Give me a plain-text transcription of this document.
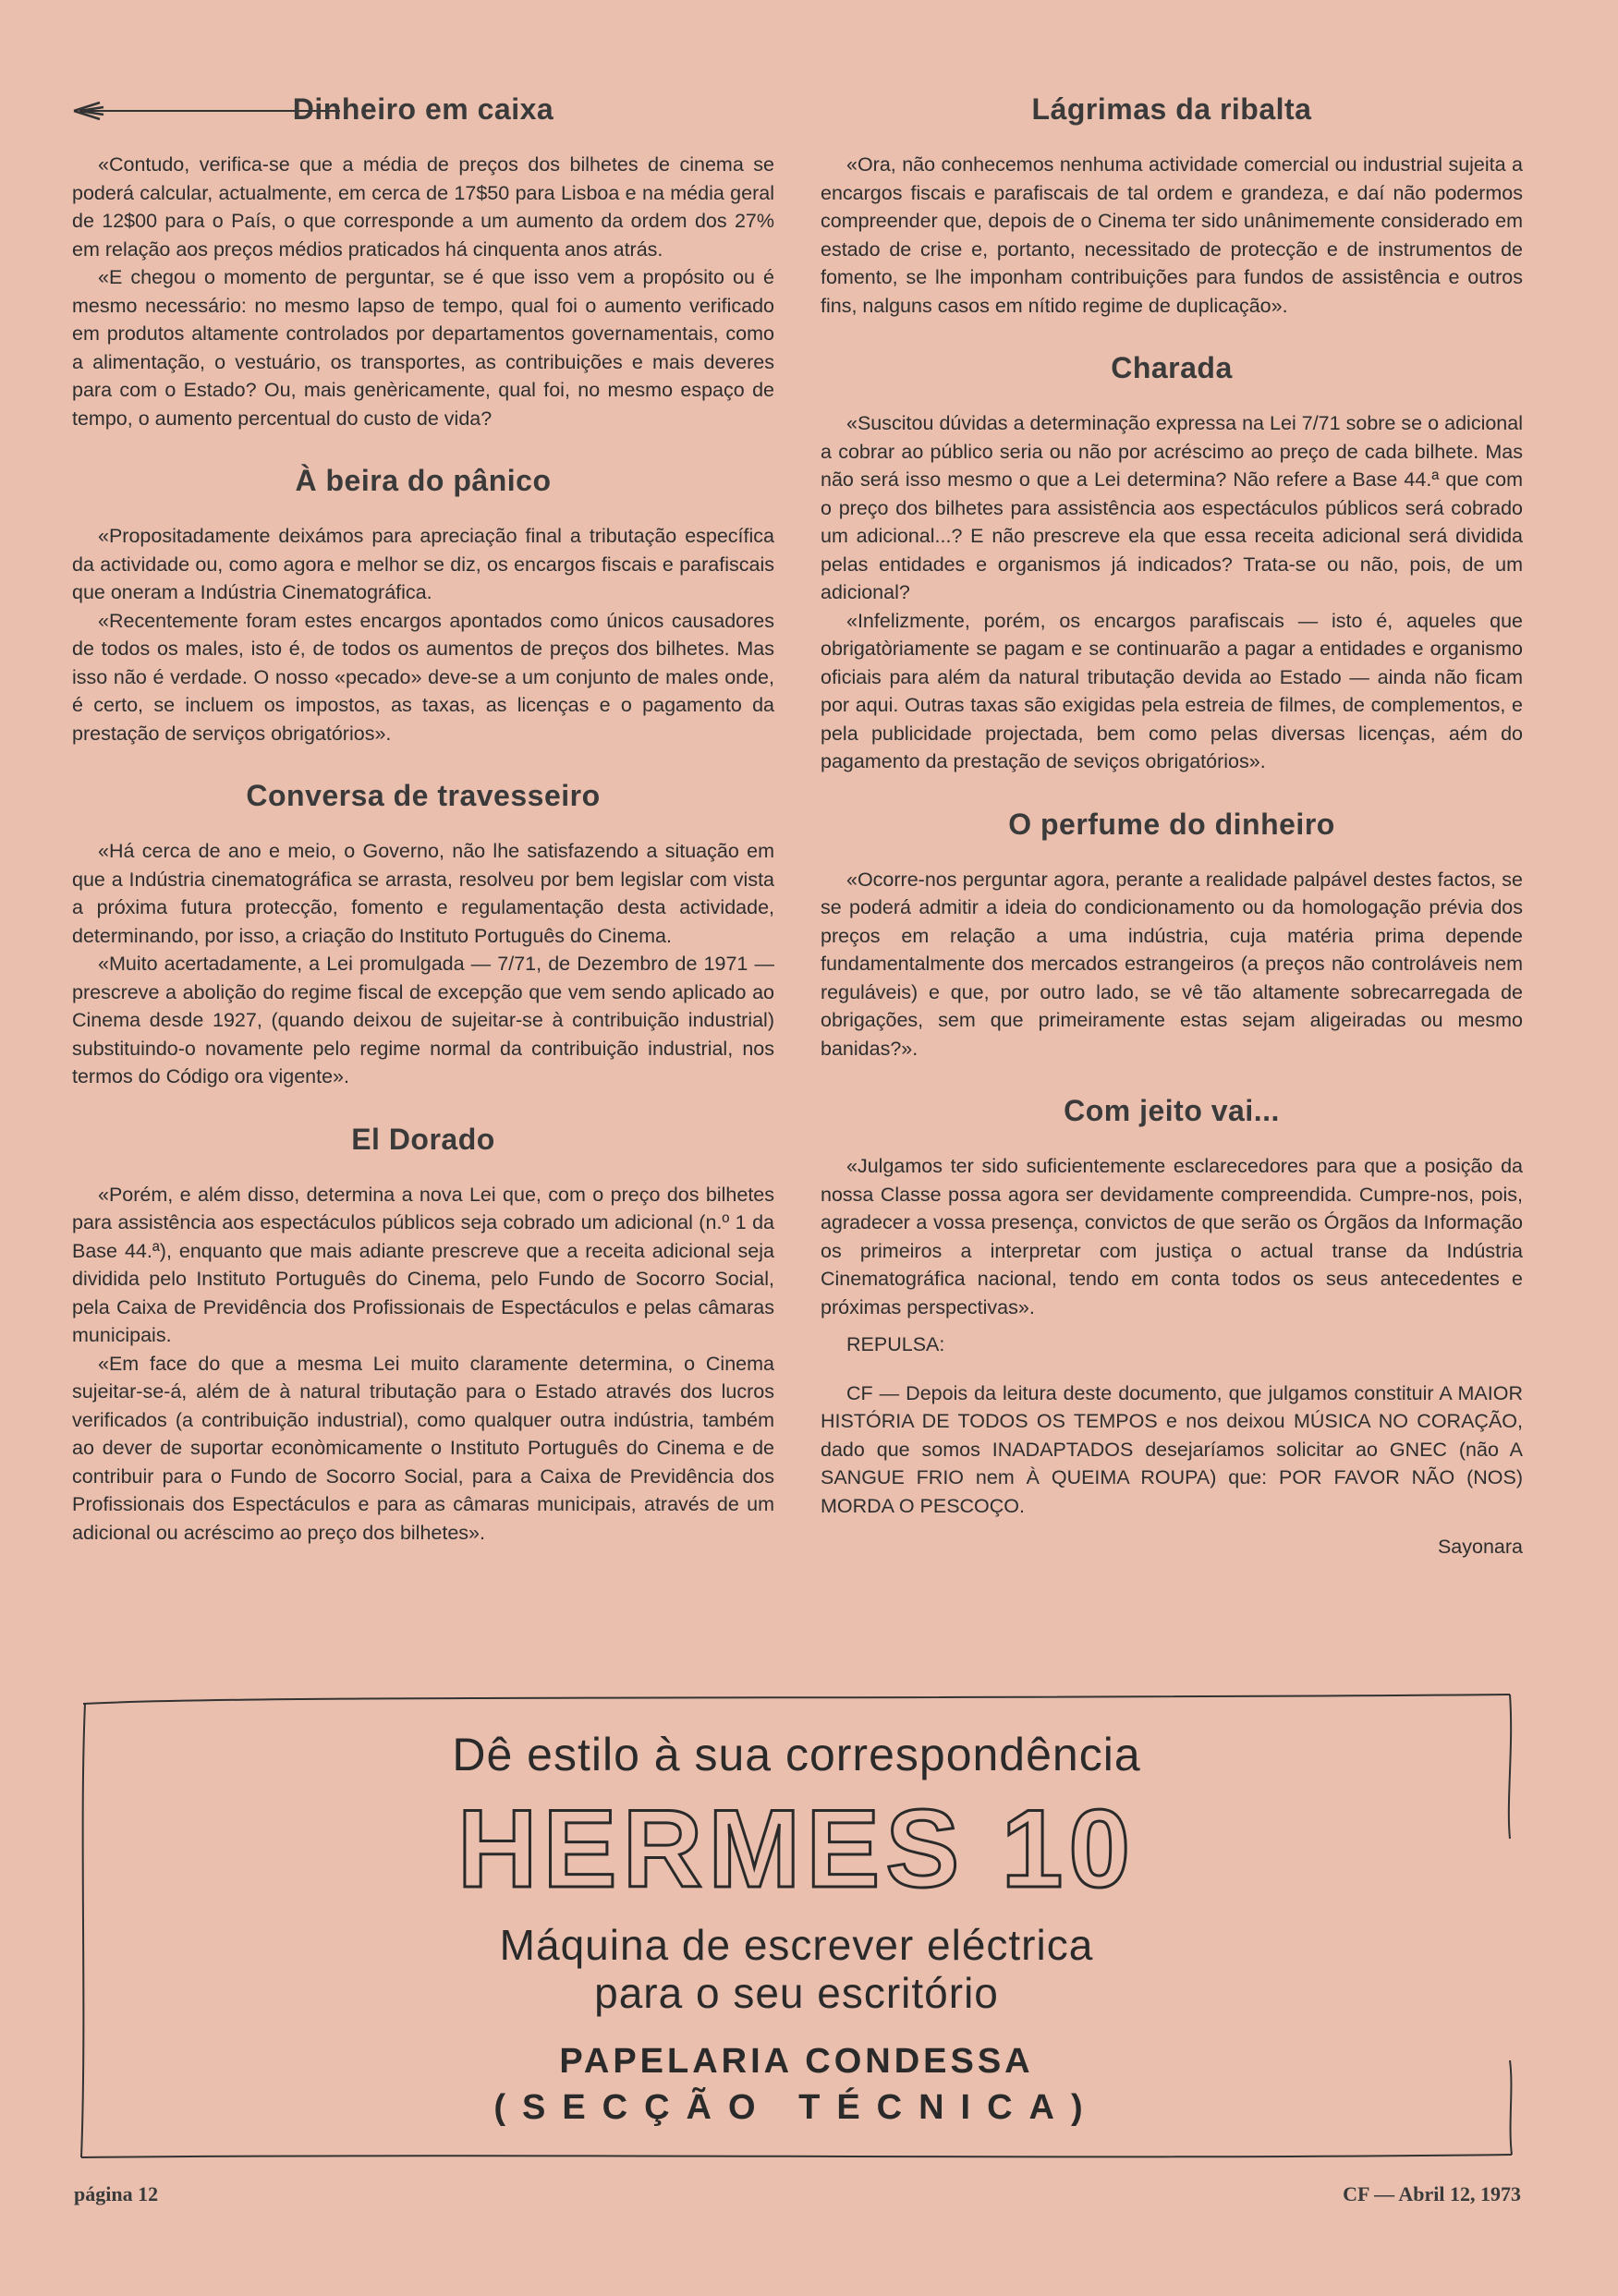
Dinheiro em caixa

«Contudo, verifica-se que a média de preços dos bilhetes de cinema se poderá calcular, actualmente, em cerca de 17$50 para Lisboa e na média geral de 12$00 para o País, o que corresponde a um aumento da ordem dos 27% em relação aos preços médios praticados há cinquenta anos atrás.

«E chegou o momento de perguntar, se é que isso vem a propósito ou é mesmo necessário: no mesmo lapso de tempo, qual foi o aumento verificado em produtos altamente controlados por departamentos governamentais, como a alimentação, o vestuário, os transportes, as contribuições e mais deveres para com o Estado? Ou, mais genèricamente, qual foi, no mesmo espaço de tempo, o aumento percentual do custo de vida?

À beira do pânico

«Propositadamente deixámos para apreciação final a tributação específica da actividade ou, como agora e melhor se diz, os encargos fiscais e parafiscais que oneram a Indústria Cinematográfica.

«Recentemente foram estes encargos apontados como únicos causadores de todos os males, isto é, de todos os aumentos de preços dos bilhetes. Mas isso não é verdade. O nosso «pecado» deve-se a um conjunto de males onde, é certo, se incluem os impostos, as taxas, as licenças e o pagamento da prestação de serviços obrigatórios».

Conversa de travesseiro

«Há cerca de ano e meio, o Governo, não lhe satisfazendo a situação em que a Indústria cinematográfica se arrasta, resolveu por bem legislar com vista a próxima futura protecção, fomento e regulamentação desta actividade, determinando, por isso, a criação do Instituto Português do Cinema.

«Muito acertadamente, a Lei promulgada — 7/71, de Dezembro de 1971 — prescreve a abolição do regime fiscal de excepção que vem sendo aplicado ao Cinema desde 1927, (quando deixou de sujeitar-se à contribuição industrial) substituindo-o novamente pelo regime normal da contribuição industrial, nos termos do Código ora vigente».

El Dorado

«Porém, e além disso, determina a nova Lei que, com o preço dos bilhetes para assistência aos espectáculos públicos seja cobrado um adicional (n.º 1 da Base 44.ª), enquanto que mais adiante prescreve que a receita adicional seja dividida pelo Instituto Português do Cinema, pelo Fundo de Socorro Social, pela Caixa de Previdência dos Profissionais de Espectáculos e pelas câmaras municipais.

«Em face do que a mesma Lei muito claramente determina, o Cinema sujeitar-se-á, além de à natural tributação para o Estado através dos lucros verificados (a contribuição industrial), como qualquer outra indústria, também ao dever de suportar econòmicamente o Instituto Português do Cinema e de contribuir para o Fundo de Socorro Social, para a Caixa de Previdência dos Profissionais dos Espectáculos e para as câmaras municipais, através de um adicional ou acréscimo ao preço dos bilhetes».

Lágrimas da ribalta

«Ora, não conhecemos nenhuma actividade comercial ou industrial sujeita a encargos fiscais e parafiscais de tal ordem e grandeza, e daí não podermos compreender que, depois de o Cinema ter sido unânimemente considerado em estado de crise e, portanto, necessitado de protecção e de instrumentos de fomento, se lhe imponham contribuições para fundos de assistência e outros fins, nalguns casos em nítido regime de duplicação».

Charada

«Suscitou dúvidas a determinação expressa na Lei 7/71 sobre se o adicional a cobrar ao público seria ou não por acréscimo ao preço de cada bilhete. Mas não será isso mesmo o que a Lei determina? Não refere a Base 44.ª que com o preço dos bilhetes para assistência aos espectáculos públicos será cobrado um adicional...? E não prescreve ela que essa receita adicional será dividida pelas entidades e organismos já indicados? Trata-se ou não, pois, de um adicional?

«Infelizmente, porém, os encargos parafiscais — isto é, aqueles que obrigatòriamente se pagam e se continuarão a pagar a entidades e organismo oficiais para além da natural tributação devida ao Estado — ainda não ficam por aqui. Outras taxas são exigidas pela estreia de filmes, de complementos, e pela publicidade projectada, bem como pelas diversas licenças, aém do pagamento da prestação de seviços obrigatórios».

O perfume do dinheiro

«Ocorre-nos perguntar agora, perante a realidade palpável destes factos, se se poderá admitir a ideia do condicionamento ou da homologação prévia dos preços em relação a uma indústria, cuja matéria prima depende fundamentalmente dos mercados estrangeiros (a preços não controláveis nem reguláveis) e que, por outro lado, se vê tão altamente sobrecarregada de obrigações, sem que primeiramente estas sejam aligeiradas ou mesmo banidas?».

Com jeito vai...

«Julgamos ter sido suficientemente esclarecedores para que a posição da nossa Classe possa agora ser devidamente compreendida. Cumpre-nos, pois, agradecer a vossa presença, convictos de que serão os Órgãos da Informação os primeiros a interpretar com justiça o actual transe da Indústria Cinematográfica nacional, tendo em conta todos os seus antecedentes e próximas perspectivas».

REPULSA:

CF — Depois da leitura deste documento, que julgamos constituir A MAIOR HISTÓRIA DE TODOS OS TEMPOS e nos deixou MÚSICA NO CORAÇÃO, dado que somos INADAPTADOS desejaríamos solicitar ao GNEC (não A SANGUE FRIO nem À QUEIMA ROUPA) que: POR FAVOR NÃO (NOS) MORDA O PESCOÇO.

Sayonara

Dê estilo à sua correspondência
HERMES 10
Máquina de escrever eléctrica
para o seu escritório
PAPELARIA CONDESSA
(SECÇÃO TÉCNICA)
página 12	CF — Abril 12, 1973
